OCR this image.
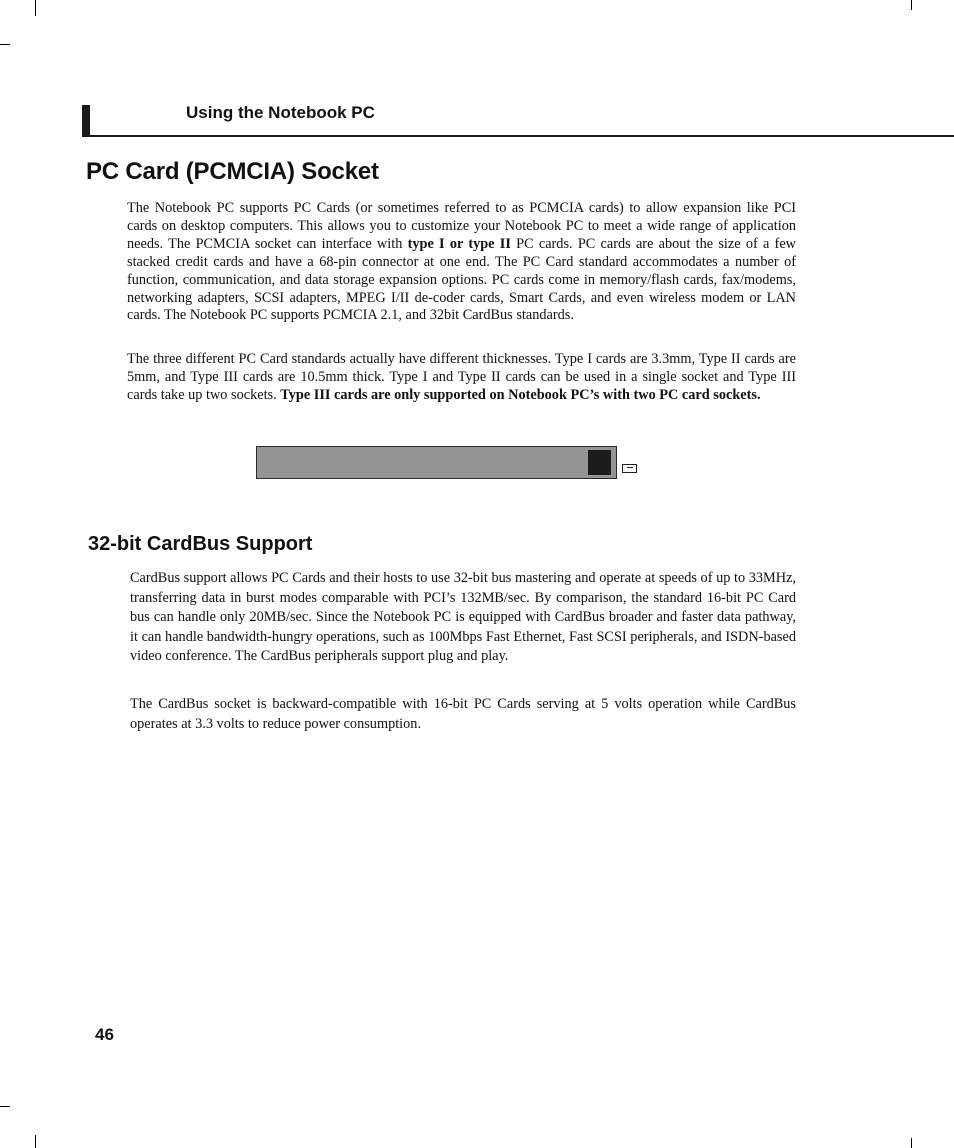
Using the Notebook PC
PC Card (PCMCIA) Socket

The Notebook PC supports PC Cards (or sometimes referred to as PCMCIA cards) to allow expansion like PCI cards on desktop computers. This allows you to customize your Notebook PC to meet a wide range of application needs. The PCMCIA socket can interface with type I or type II PC cards. PC cards are about the size of a few stacked credit cards and have a 68-pin connector at one end. The PC Card standard accommodates a number of function, communication, and data storage expansion options. PC cards come in memory/flash cards, fax/modems, networking adapters, SCSI adapters, MPEG I/II de-coder cards, Smart Cards, and even wireless modem or LAN cards. The Notebook PC supports PCMCIA 2.1, and 32bit CardBus standards.

The three different PC Card standards actually have different thicknesses. Type I cards are 3.3mm, Type II cards are 5mm, and Type III cards are 10.5mm thick. Type I and Type II cards can be used in a single socket and Type III cards take up two sockets. Type III cards are only supported on Notebook PC’s with two PC card sockets.

32-bit CardBus Support

CardBus support allows PC Cards and their hosts to use 32-bit bus mastering and operate at speeds of up to 33MHz, transferring data in burst modes comparable with PCI’s 132MB/sec. By comparison, the standard 16-bit PC Card bus can handle only 20MB/sec. Since the Notebook PC is equipped with CardBus broader and faster data pathway, it can handle bandwidth-hungry operations, such as 100Mbps Fast Ethernet, Fast SCSI peripherals, and ISDN-based video conference. The CardBus peripherals support plug and play.

The CardBus socket is backward-compatible with 16-bit PC Cards serving at 5 volts operation while CardBus operates at 3.3 volts to reduce power consumption.

46
